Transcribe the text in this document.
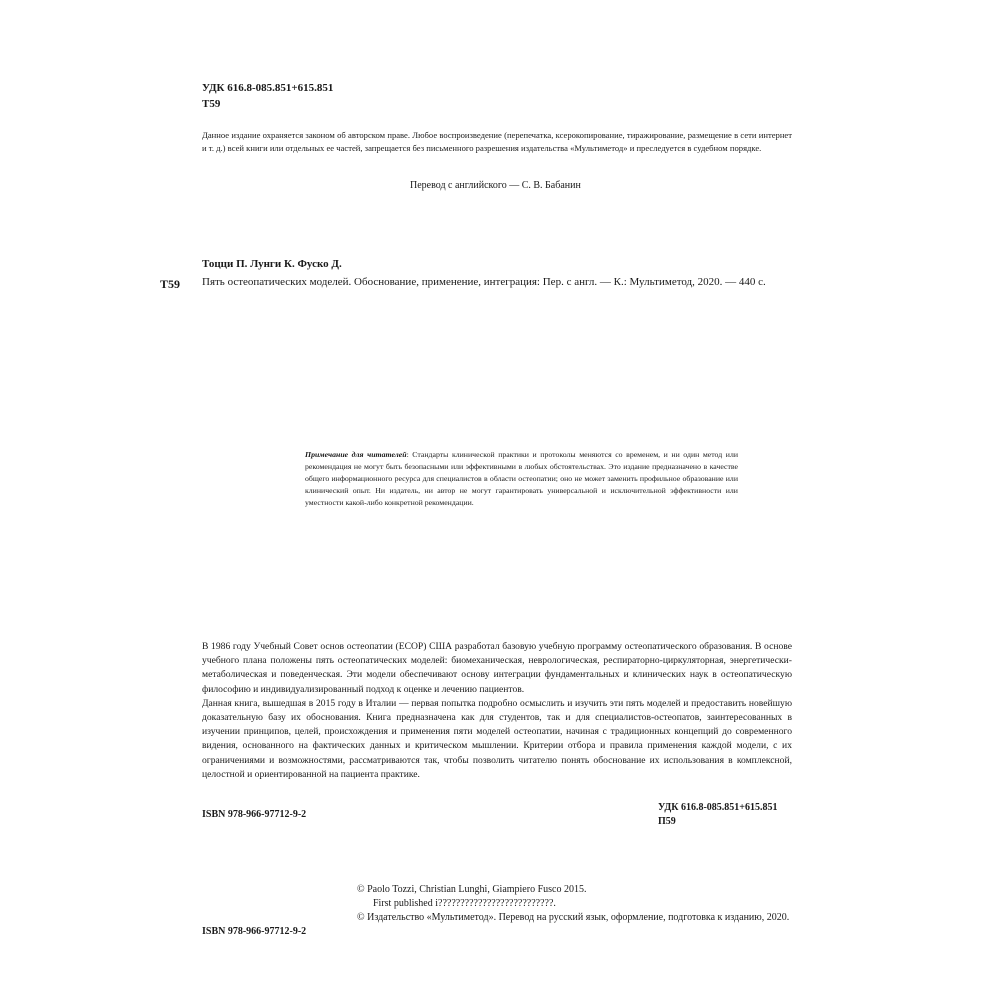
УДК 616.8-085.851+615.851
Т59
Данное издание охраняется законом об авторском праве. Любое воспроизведение (перепечатка, ксерокопирование, тиражирование, размещение в сети интернет и т. д.) всей книги или отдельных ее частей, запрещается без письменного разрешения издательства «Мультиметод» и преследуется в судебном порядке.
Перевод с английского — С. В. Бабанин
Тоцци П. Лунги К. Фуско Д.
Т59 Пять остеопатических моделей. Обоснование, применение, интеграция: Пер. с англ. — К.: Мультиметод, 2020. — 440 с.
Примечание для читателей: Стандарты клинической практики и протоколы меняются со временем, и ни один метод или рекомендация не могут быть безопасными или эффективными в любых обстоятельствах. Это издание предназначено в качестве общего информационного ресурса для специалистов в области остеопатии; оно не может заменить профильное образование или клинический опыт. Ни издатель, ни автор не могут гарантировать универсальной и исключительной эффективности или уместности какой-либо конкретной рекомендации.

В 1986 году Учебный Совет основ остеопатии (ECOP) США разработал базовую учебную программу остеопатического образования. В основе учебного плана положены пять остеопатических моделей: биомеханическая, неврологическая, респираторно-циркуляторная, энергетически-метаболическая и поведенческая. Эти модели обеспечивают основу интеграции фундаментальных и клинических наук в остеопатическую философию и индивидуализированный подход к оценке и лечению пациентов.

Данная книга, вышедшая в 2015 году в Италии — первая попытка подробно осмыслить и изучить эти пять моделей и предоставить новейшую доказательную базу их обоснования. Книга предназначена как для студентов, так и для специалистов-остеопатов, заинтересованных в изучении принципов, целей, происхождения и применения пяти моделей остеопатии, начиная с традиционных концепций до современного видения, основанного на фактических данных и критическом мышлении. Критерии отбора и правила применения каждой модели, с их ограничениями и возможностями, рассматриваются так, чтобы позволить читателю понять обоснование их использования в комплексной, целостной и ориентированной на пациента практике.

ISBN 978-966-97712-9-2
УДК 616.8-085.851+615.851
П59
© Paolo Tozzi, Christian Lunghi, Giampiero Fusco 2015.
First published i??????????????????????????.
© Издательство «Мультиметод». Перевод на русский язык, оформление, подготовка к изданию, 2020.
ISBN 978-966-97712-9-2
